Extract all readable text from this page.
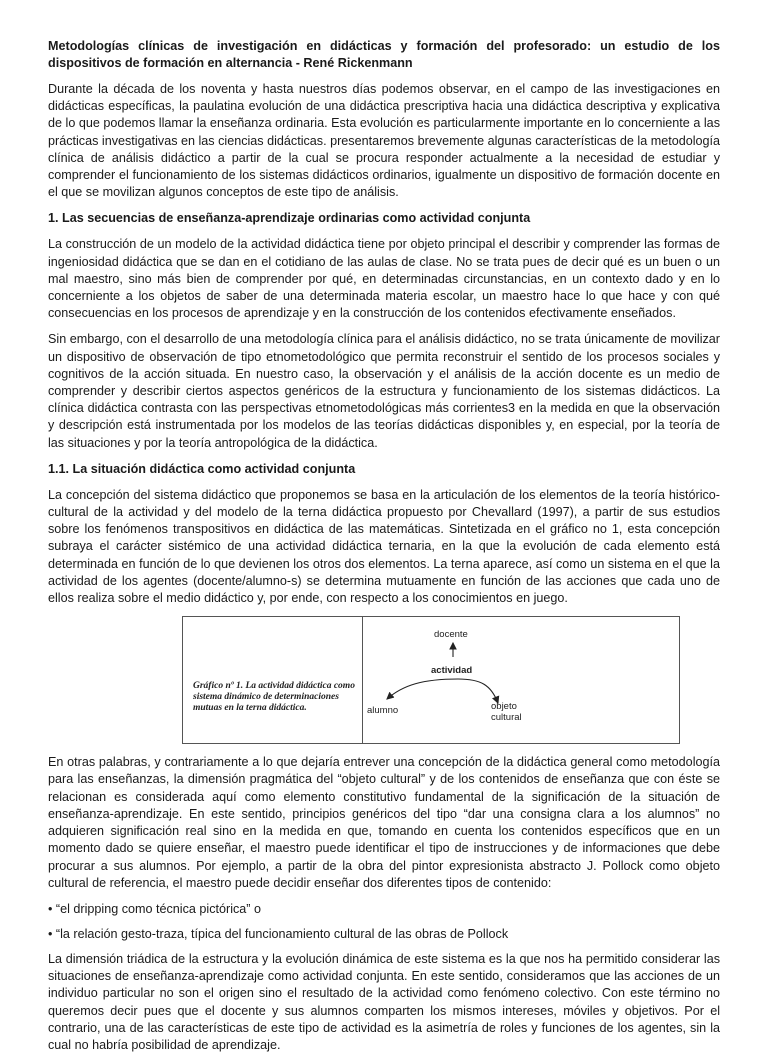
Metodologías clínicas de investigación en didácticas y formación del profesorado: un estudio de los dispositivos de formación en alternancia - René Rickenmann

Durante la década de los noventa y hasta nuestros días podemos observar, en el campo de las investigaciones en didácticas específicas, la paulatina evolución de una didáctica prescriptiva hacia una didáctica descriptiva y explicativa de lo que podemos llamar la enseñanza ordinaria. Esta evolución es particularmente importante en lo concerniente a las prácticas investigativas en las ciencias didácticas. presentaremos brevemente algunas características de la metodología clínica de análisis didáctico a partir de la cual se procura responder actualmente a la necesidad de estudiar y comprender el funcionamiento de los sistemas didácticos ordinarios, igualmente un dispositivo de formación docente en el que se movilizan algunos conceptos de este tipo de análisis.

1. Las secuencias de enseñanza-aprendizaje ordinarias como actividad conjunta

La construcción de un modelo de la actividad didáctica tiene por objeto principal el describir y comprender las formas de ingeniosidad didáctica que se dan en el cotidiano de las aulas de clase. No se trata pues de decir qué es un buen o un mal maestro, sino más bien de comprender por qué, en determinadas circunstancias, en un contexto dado y en lo concerniente a los objetos de saber de una determinada materia escolar, un maestro hace lo que hace y con qué consecuencias en los procesos de aprendizaje y en la construcción de los contenidos efectivamente enseñados.

Sin embargo, con el desarrollo de una metodología clínica para el análisis didáctico, no se trata únicamente de movilizar un dispositivo de observación de tipo etnometodológico que permita reconstruir el sentido de los procesos sociales y cognitivos de la acción situada. En nuestro caso, la observación y el análisis de la acción docente es un medio de comprender y describir ciertos aspectos genéricos de la estructura y funcionamiento de los sistemas didácticos. La clínica didáctica contrasta con las perspectivas etnometodológicas más corrientes3 en la medida en que la observación y descripción está instrumentada por los modelos de las teorías didácticas disponibles y, en especial, por la teoría de las situaciones y por la teoría antropológica de la didáctica.

1.1. La situación didáctica como actividad conjunta

La concepción del sistema didáctico que proponemos se basa en la articulación de los elementos de la teoría histórico-cultural de la actividad y del modelo de la terna didáctica propuesto por Chevallard (1997), a partir de sus estudios sobre los fenómenos transpositivos en didáctica de las matemáticas. Sintetizada en el gráfico no 1, esta concepción subraya el carácter sistémico de una actividad didáctica ternaria, en la que la evolución de cada elemento está determinada en función de lo que devienen los otros dos elementos. La terna aparece, así como un sistema en el que la actividad de los agentes (docente/alumno-s) se determina mutuamente en función de las acciones que cada uno de ellos realiza sobre el medio didáctico y, por ende, con respecto a los conocimientos en juego.

Gráfico nº 1. La actividad didáctica como sistema dinámico de determinaciones mutuas en la terna didáctica.
docente
actividad
alumno	objeto
cultural

En otras palabras, y contrariamente a lo que dejaría entrever una concepción de la didáctica general como metodología para las enseñanzas, la dimensión pragmática del “objeto cultural” y de los contenidos de enseñanza que con éste se relacionan es considerada aquí como elemento constitutivo fundamental de la significación de la situación de enseñanza-aprendizaje. En este sentido, principios genéricos del tipo “dar una consigna clara a los alumnos” no adquieren significación real sino en la medida en que, tomando en cuenta los contenidos específicos que en un momento dado se quiere enseñar, el maestro puede identificar el tipo de instrucciones y de informaciones que debe procurar a sus alumnos. Por ejemplo, a partir de la obra del pintor expresionista abstracto J. Pollock como objeto cultural de referencia, el maestro puede decidir enseñar dos diferentes tipos de contenido:

• “el dripping como técnica pictórica” o
• “la relación gesto-traza, típica del funcionamiento cultural de las obras de Pollock

La dimensión triádica de la estructura y la evolución dinámica de este sistema es la que nos ha permitido considerar las situaciones de enseñanza-aprendizaje como actividad conjunta. En este sentido, consideramos que las acciones de un individuo particular no son el origen sino el resultado de la actividad como fenómeno colectivo. Con este término no queremos decir pues que el docente y sus alumnos comparten los mismos intereses, móviles y objetivos. Por el contrario, una de las características de este tipo de actividad es la asimetría de roles y funciones de los agentes, sin la cual no habría posibilidad de aprendizaje.
